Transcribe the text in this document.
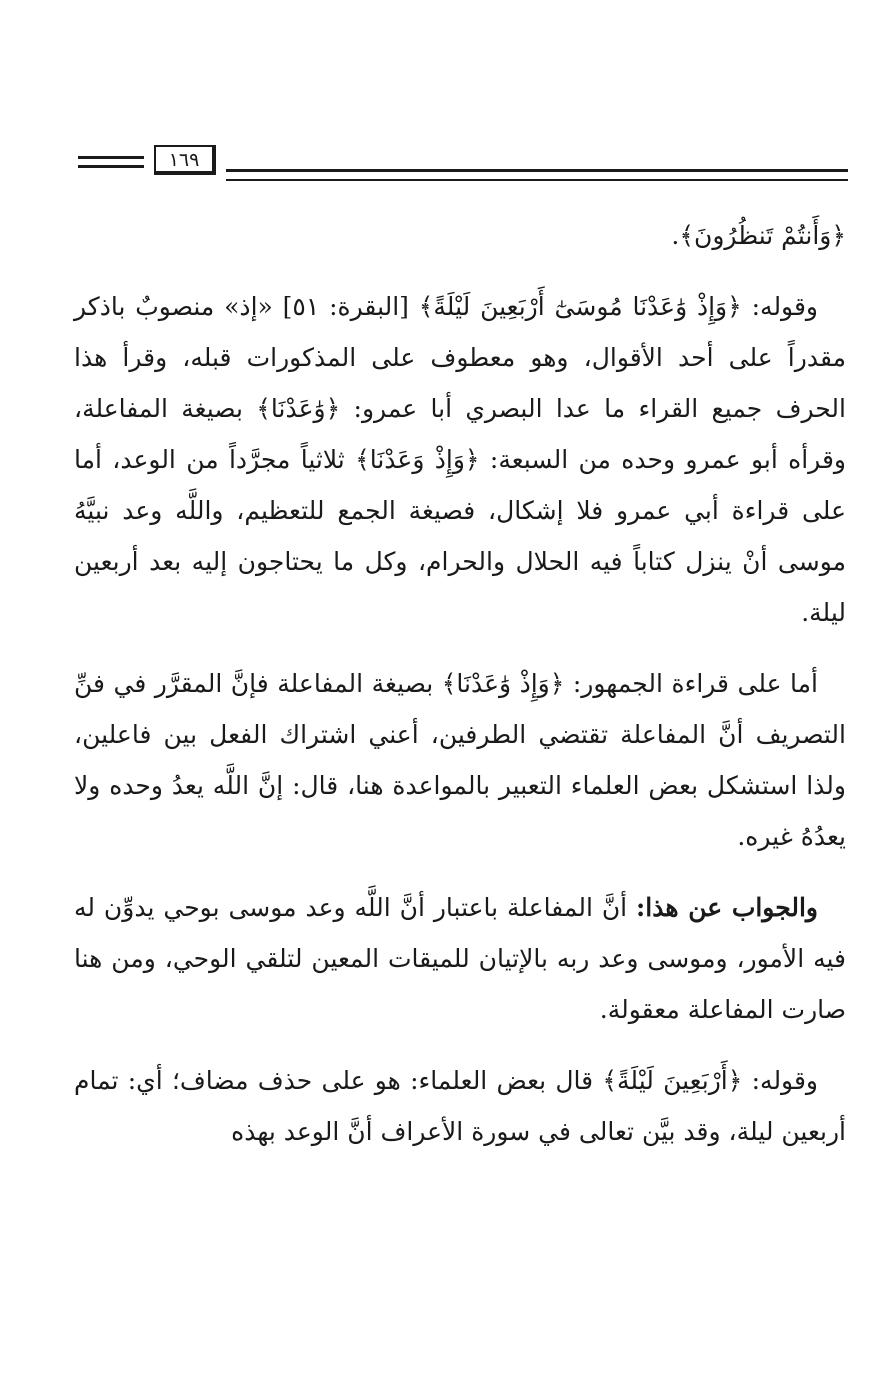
١٦٩

﴿وَأَنتُمْ تَنظُرُونَ﴾.

وقوله: ﴿وَإِذْ وَٰعَدْنَا مُوسَىٰٓ أَرْبَعِينَ لَيْلَةً﴾ [البقرة: ٥١] «إذ» منصوبٌ باذكر مقدراً على أحد الأقوال، وهو معطوف على المذكورات قبله، وقرأ هذا الحرف جميع القراء ما عدا البصري أبا عمرو: ﴿وَٰعَدْنَا﴾ بصيغة المفاعلة، وقرأه أبو عمرو وحده من السبعة: ﴿وَإِذْ وَعَدْنَا﴾ ثلاثياً مجرَّداً من الوعد، أما على قراءة أبي عمرو فلا إشكال، فصيغة الجمع للتعظيم، واللَّه وعد نبيَّهُ موسى أنْ ينزل كتاباً فيه الحلال والحرام، وكل ما يحتاجون إليه بعد أربعين ليلة.

أما على قراءة الجمهور: ﴿وَإِذْ وَٰعَدْنَا﴾ بصيغة المفاعلة فإنَّ المقرَّر في فنِّ التصريف أنَّ المفاعلة تقتضي الطرفين، أعني اشتراك الفعل بين فاعلين، ولذا استشكل بعض العلماء التعبير بالمواعدة هنا، قال: إنَّ اللَّه يعدُ وحده ولا يعدُهُ غيره.

والجواب عن هذا: أنَّ المفاعلة باعتبار أنَّ اللَّه وعد موسى بوحي يدوِّن له فيه الأمور، وموسى وعد ربه بالإتيان للميقات المعين لتلقي الوحي، ومن هنا صارت المفاعلة معقولة.

وقوله: ﴿أَرْبَعِينَ لَيْلَةً﴾ قال بعض العلماء: هو على حذف مضاف؛ أي: تمام أربعين ليلة، وقد بيَّن تعالى في سورة الأعراف أنَّ الوعد بهذه
